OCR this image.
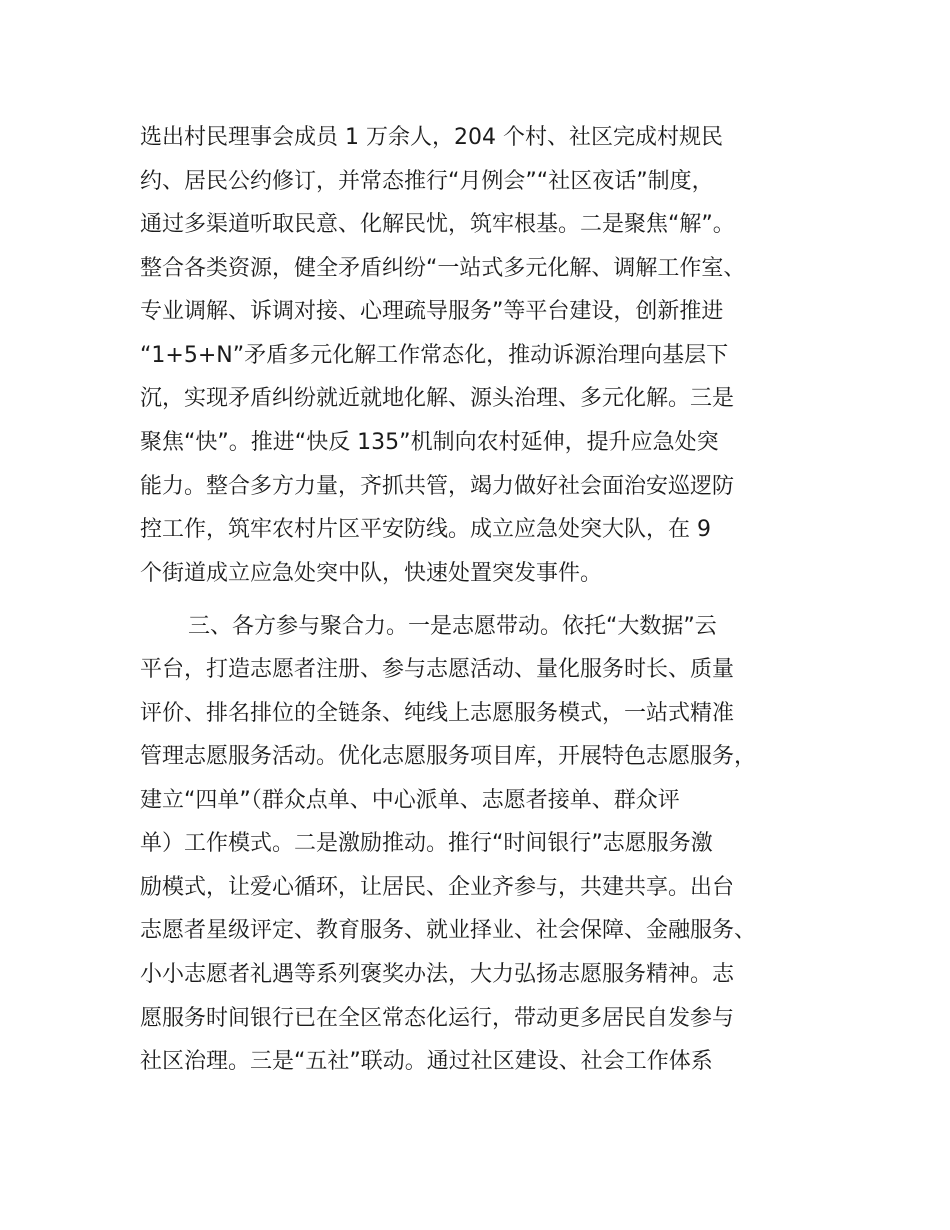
选出村民理事会成员 1 万余人，204 个村、社区完成村规民
约、居民公约修订，并常态推行“月例会”“社区夜话”制度，
通过多渠道听取民意、化解民忧，筑牢根基。二是聚焦“解”。
整合各类资源，健全矛盾纠纷“一站式多元化解、调解工作室、
专业调解、诉调对接、心理疏导服务”等平台建设，创新推进
“1+5+N”矛盾多元化解工作常态化，推动诉源治理向基层下
沉，实现矛盾纠纷就近就地化解、源头治理、多元化解。三是
聚焦“快”。推进“快反 135”机制向农村延伸，提升应急处突
能力。整合多方力量，齐抓共管，竭力做好社会面治安巡逻防
控工作，筑牢农村片区平安防线。成立应急处突大队，在 9
个街道成立应急处突中队，快速处置突发事件。
三、各方参与聚合力。一是志愿带动。依托“大数据”云
平台，打造志愿者注册、参与志愿活动、量化服务时长、质量
评价、排名排位的全链条、纯线上志愿服务模式，一站式精准
管理志愿服务活动。优化志愿服务项目库，开展特色志愿服务，
建立“四单”（群众点单、中心派单、志愿者接单、群众评
单）工作模式。二是激励推动。推行“时间银行”志愿服务激
励模式，让爱心循环，让居民、企业齐参与，共建共享。出台
志愿者星级评定、教育服务、就业择业、社会保障、金融服务、
小小志愿者礼遇等系列褒奖办法，大力弘扬志愿服务精神。志
愿服务时间银行已在全区常态化运行，带动更多居民自发参与
社区治理。三是“五社”联动。通过社区建设、社会工作体系
